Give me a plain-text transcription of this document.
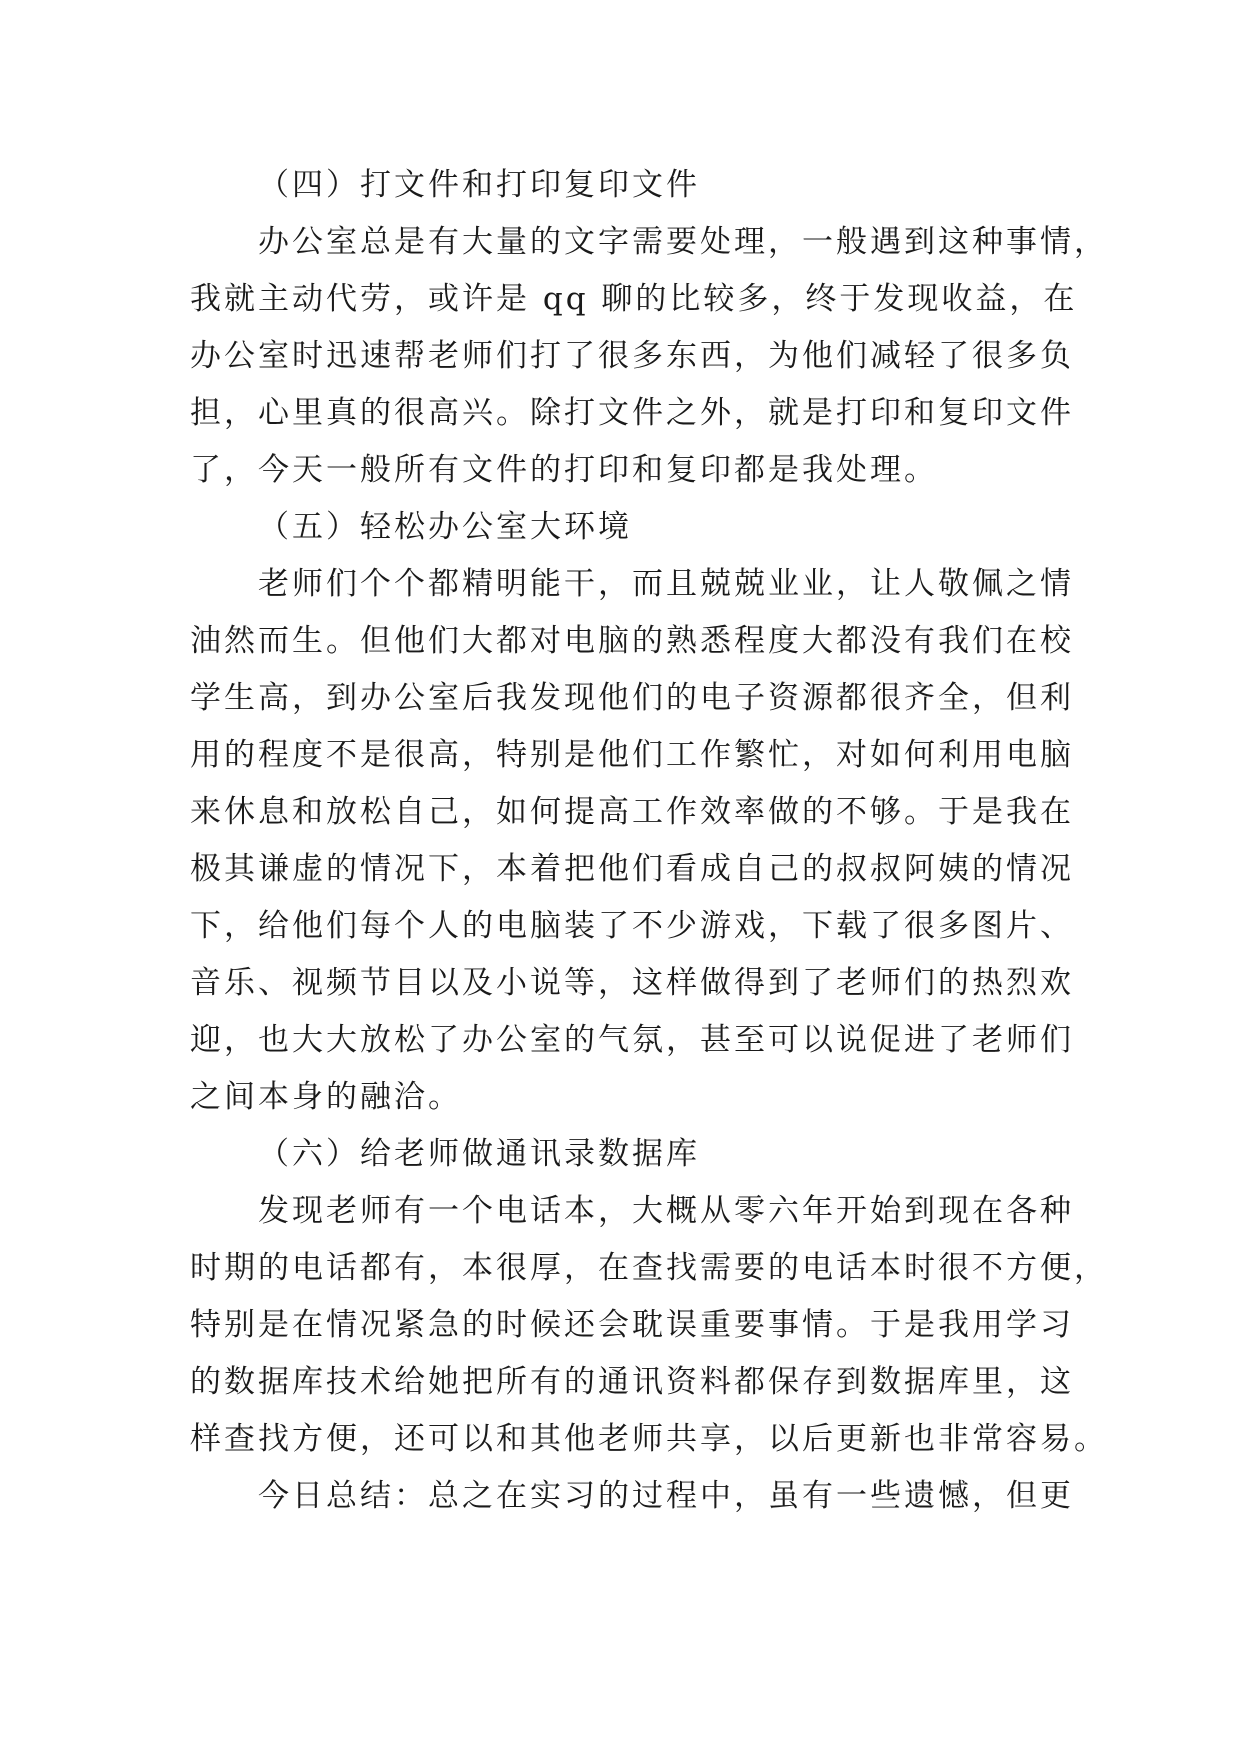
（四）打文件和打印复印文件
办公室总是有大量的文字需要处理，一般遇到这种事情，
我就主动代劳，或许是 qq 聊的比较多，终于发现收益，在
办公室时迅速帮老师们打了很多东西，为他们减轻了很多负
担，心里真的很高兴。除打文件之外，就是打印和复印文件
了，今天一般所有文件的打印和复印都是我处理。
（五）轻松办公室大环境
老师们个个都精明能干，而且兢兢业业，让人敬佩之情
油然而生。但他们大都对电脑的熟悉程度大都没有我们在校
学生高，到办公室后我发现他们的电子资源都很齐全，但利
用的程度不是很高，特别是他们工作繁忙，对如何利用电脑
来休息和放松自己，如何提高工作效率做的不够。于是我在
极其谦虚的情况下，本着把他们看成自己的叔叔阿姨的情况
下，给他们每个人的电脑装了不少游戏，下载了很多图片、
音乐、视频节目以及小说等，这样做得到了老师们的热烈欢
迎，也大大放松了办公室的气氛，甚至可以说促进了老师们
之间本身的融洽。
（六）给老师做通讯录数据库
发现老师有一个电话本，大概从零六年开始到现在各种
时期的电话都有，本很厚，在查找需要的电话本时很不方便，
特别是在情况紧急的时候还会耽误重要事情。于是我用学习
的数据库技术给她把所有的通讯资料都保存到数据库里，这
样查找方便，还可以和其他老师共享，以后更新也非常容易。
今日总结：总之在实习的过程中，虽有一些遗憾，但更
